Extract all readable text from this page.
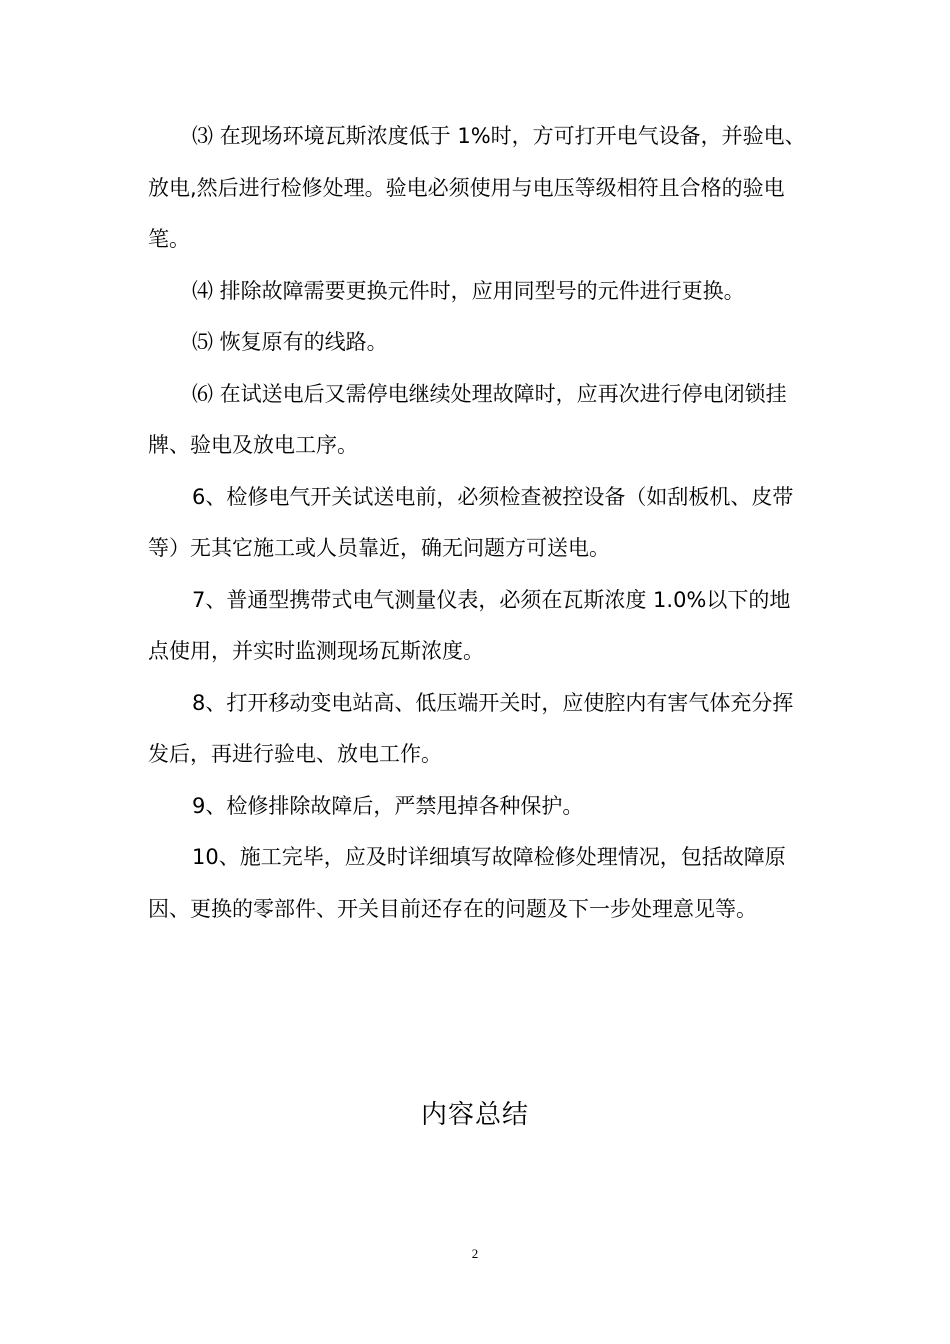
⑶ 在现场环境瓦斯浓度低于 1%时，方可打开电气设备，并验电、放电,然后进行检修处理。验电必须使用与电压等级相符且合格的验电笔。

⑷ 排除故障需要更换元件时，应用同型号的元件进行更换。

⑸ 恢复原有的线路。

⑹ 在试送电后又需停电继续处理故障时，应再次进行停电闭锁挂牌、验电及放电工序。

6、检修电气开关试送电前，必须检查被控设备（如刮板机、皮带等）无其它施工或人员靠近，确无问题方可送电。

7、普通型携带式电气测量仪表，必须在瓦斯浓度 1.0%以下的地点使用，并实时监测现场瓦斯浓度。

8、打开移动变电站高、低压端开关时，应使腔内有害气体充分挥发后，再进行验电、放电工作。

9、检修排除故障后，严禁甩掉各种保护。

10、施工完毕，应及时详细填写故障检修处理情况，包括故障原因、更换的零部件、开关目前还存在的问题及下一步处理意见等。

内容总结
2
